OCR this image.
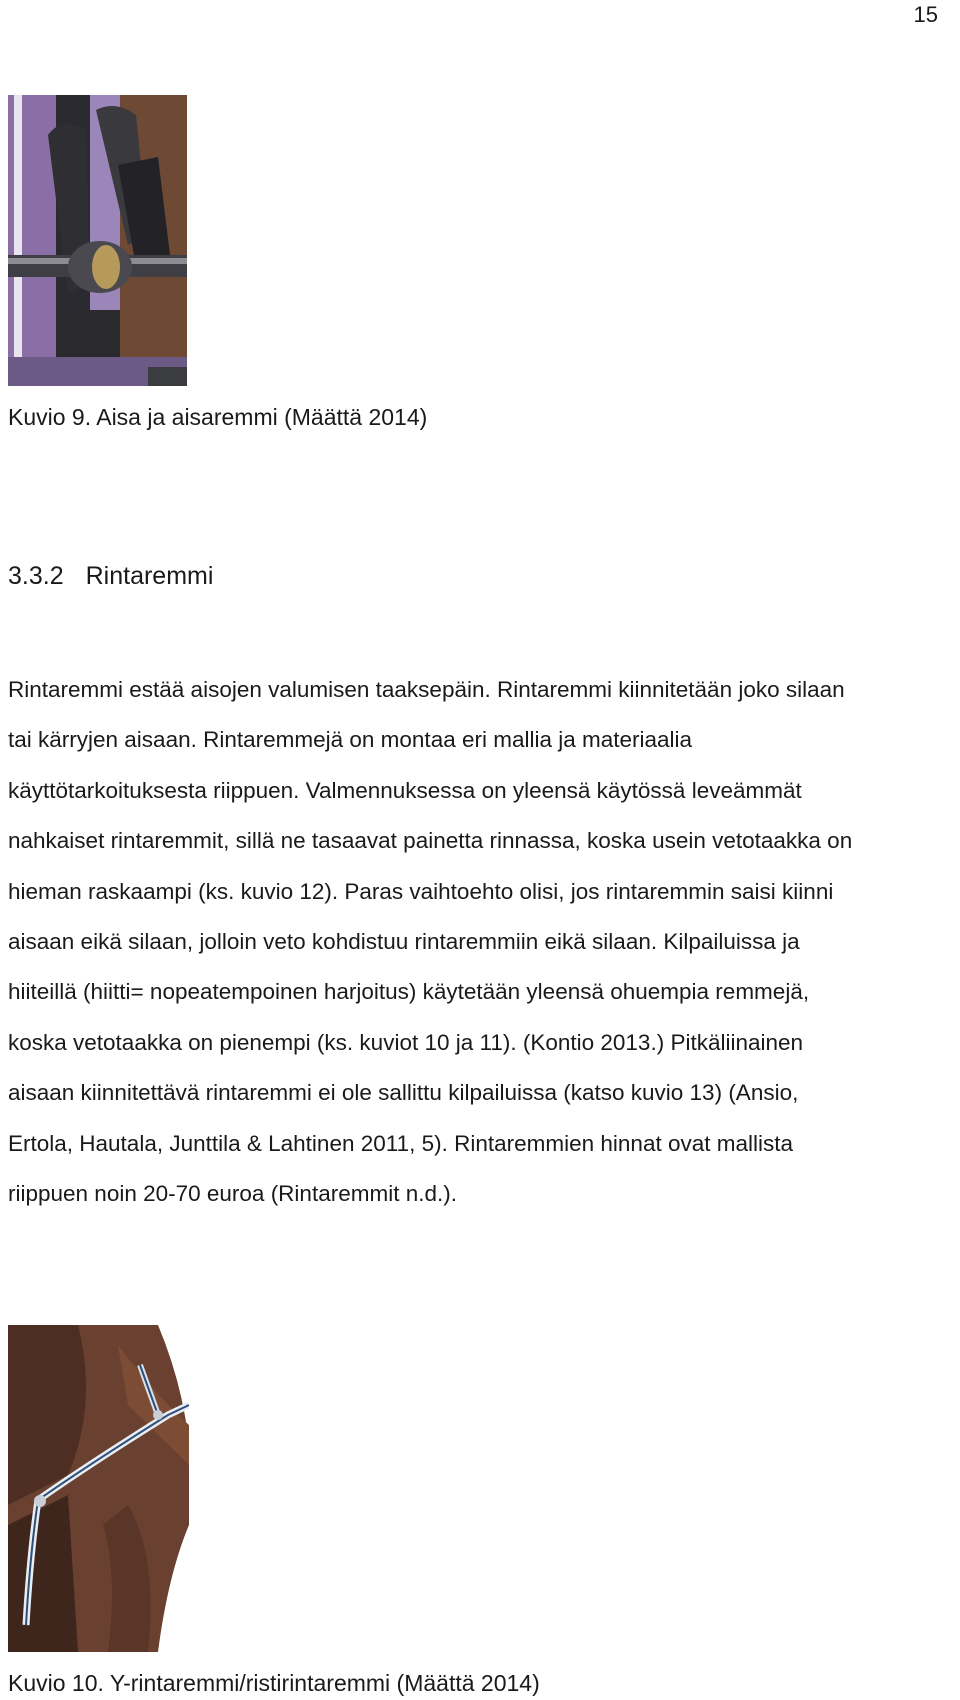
15
Kuvio 9. Aisa ja aisaremmi (Määttä 2014)
3.3.2 Rintaremmi

Rintaremmi estää aisojen valumisen taaksepäin. Rintaremmi kiinnitetään joko silaan
tai kärryjen aisaan. Rintaremmejä on montaa eri mallia ja materiaalia
käyttötarkoituksesta riippuen. Valmennuksessa on yleensä käytössä leveämmät
nahkaiset rintaremmit, sillä ne tasaavat painetta rinnassa, koska usein vetotaakka on
hieman raskaampi (ks. kuvio 12). Paras vaihtoehto olisi, jos rintaremmin saisi kiinni
aisaan eikä silaan, jolloin veto kohdistuu rintaremmiin eikä silaan. Kilpailuissa ja
hiiteillä (hiitti= nopeatempoinen harjoitus) käytetään yleensä ohuempia remmejä,
koska vetotaakka on pienempi (ks. kuviot 10 ja 11). (Kontio 2013.) Pitkäliinainen
aisaan kiinnitettävä rintaremmi ei ole sallittu kilpailuissa (katso kuvio 13) (Ansio,
Ertola, Hautala, Junttila & Lahtinen 2011, 5). Rintaremmien hinnat ovat mallista
riippuen noin 20-70 euroa (Rintaremmit n.d.).

Kuvio 10. Y-rintaremmi/ristirintaremmi (Määttä 2014)
